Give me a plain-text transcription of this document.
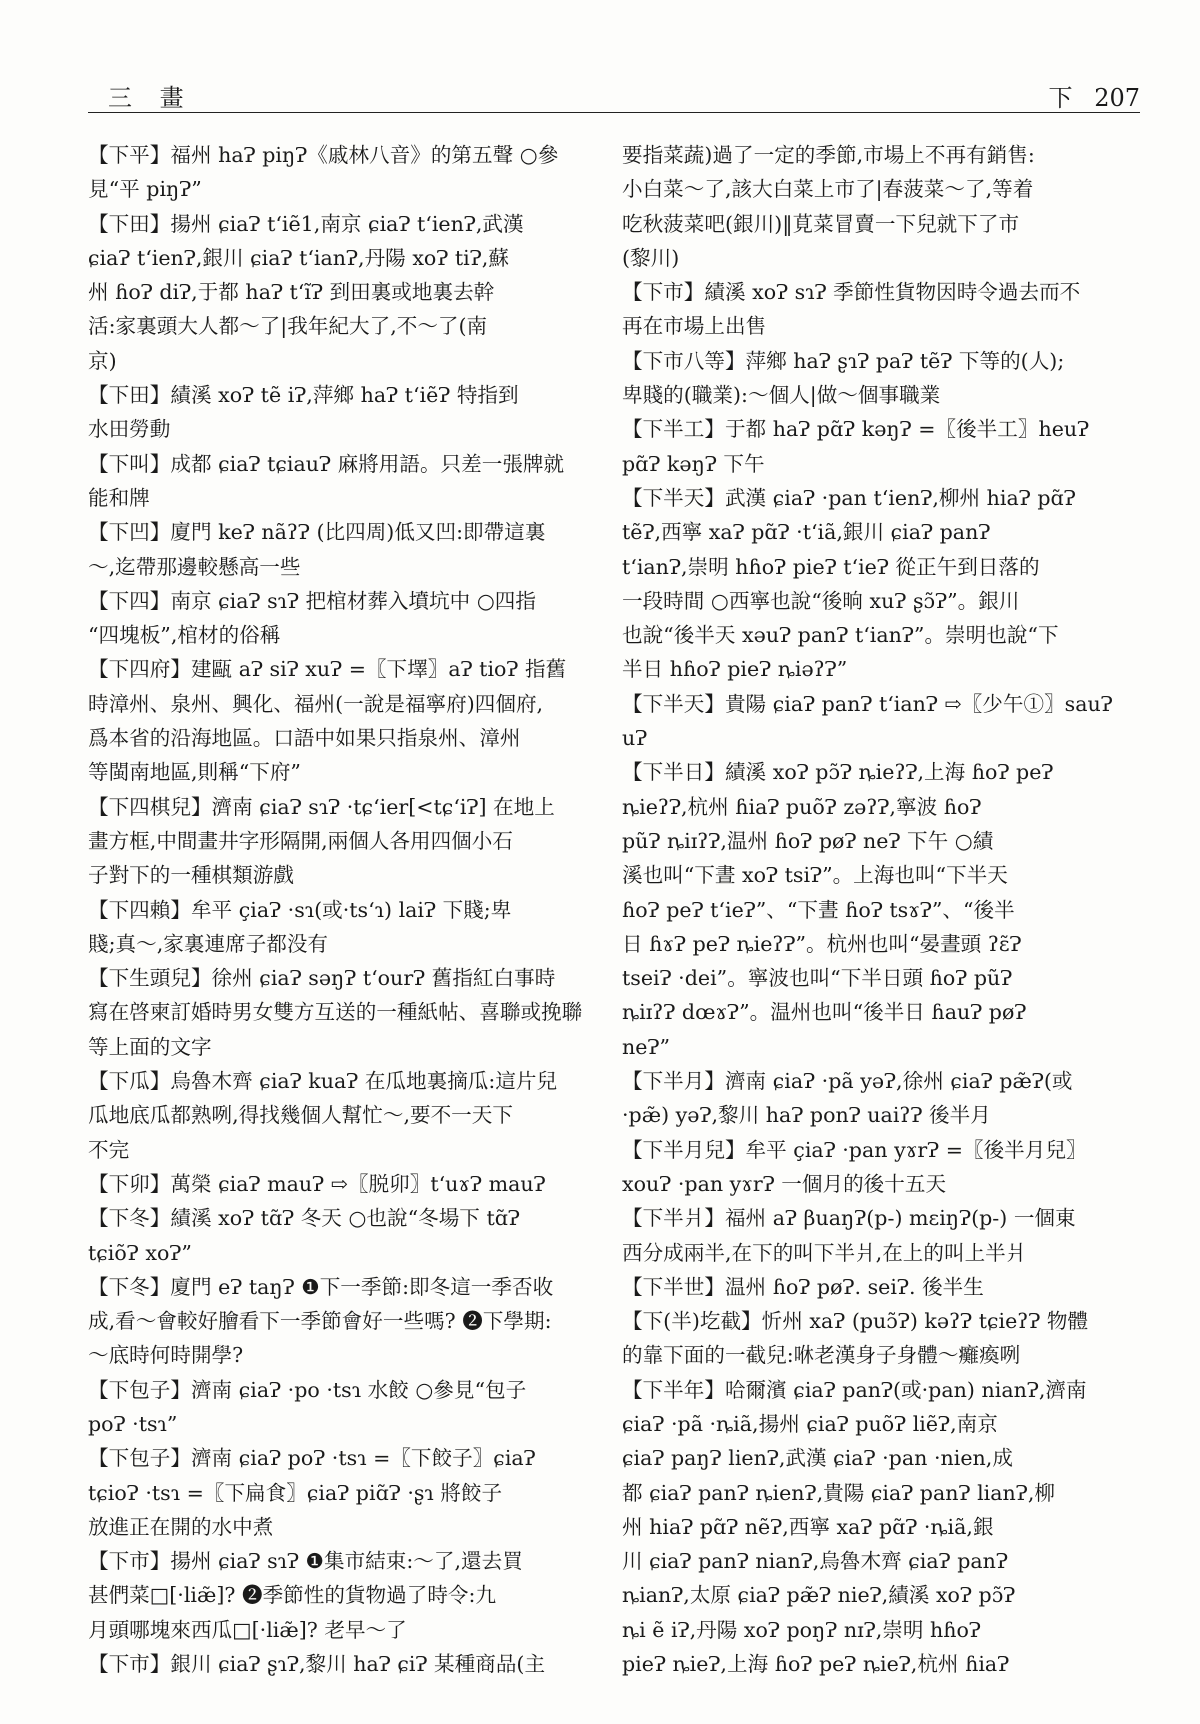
三 畫	下 207
【下平】福州 haɁ piŋɁ《戚林八音》的第五聲 ○參
見“平 piŋɁ”
【下田】揚州 ɕiaɁ tʻiẽ1,南京 ɕiaɁ tʻienɁ,武漢
ɕiaɁ tʻienɁ,銀川 ɕiaɁ tʻianɁ,丹陽 xoɁ tiɁ,蘇
州 ɦoɁ diɁ,于都 haɁ tʻĩɁ 到田裏或地裏去幹
活:家裏頭大人都～了|我年紀大了,不～了(南
京)
【下田】績溪 xoɁ tẽ iɁ,萍鄉 haɁ tʻiẽɁ 特指到
水田勞動
【下叫】成都 ɕiaɁ tɕiauɁ 麻將用語。只差一張牌就
能和牌
【下凹】廈門 keɁ nãʔɁ (比四周)低又凹:即帶這裏
～,迄帶那邊較懸高一些
【下四】南京 ɕiaɁ sɿɁ 把棺材葬入墳坑中 ○四指
“四塊板”,棺材的俗稱
【下四府】建甌 aɁ siɁ xuɁ =〖下墿〗aɁ tioɁ 指舊
時漳州、泉州、興化、福州(一說是福寧府)四個府,
爲本省的沿海地區。口語中如果只指泉州、漳州
等閩南地區,則稱“下府”
【下四棋兒】濟南 ɕiaɁ sɿɁ ·tɕʻier[<tɕʻiɁ] 在地上
畫方框,中間畫井字形隔開,兩個人各用四個小石
子對下的一種棋類游戲
【下四賴】牟平 çiaɁ ·sɿ(或·tsʻɿ) laiɁ 下賤;卑
賤;真～,家裏連席子都没有
【下生頭兒】徐州 ɕiaɁ səŋɁ tʻourɁ 舊指紅白事時
寫在啓柬訂婚時男女雙方互送的一種紙帖、喜聯或挽聯
等上面的文字
【下瓜】烏魯木齊 ɕiaɁ kuaɁ 在瓜地裏摘瓜:這片兒
瓜地底瓜都熟咧,得找幾個人幫忙～,要不一天下
不完
【下卯】萬榮 ɕiaɁ mauɁ ⇨〖脱卯〗tʻuɤɁ mauɁ
【下冬】績溪 xoɁ tɑ̃Ɂ 冬天 ○也說“冬場下 tɑ̃Ɂ
tɕiõɁ xoɁ”
【下冬】廈門 eɁ taŋɁ ❶下一季節:即冬這一季否收
成,看～會較好膾看下一季節會好一些嗎? ❷下學期:
～底時何時開學?
【下包子】濟南 ɕiaɁ ·po ·tsɿ 水餃 ○參見“包子
poɁ ·tsɿ”
【下包子】濟南 ɕiaɁ poɁ ·tsɿ =〖下餃子〗ɕiaɁ
tɕioɁ ·tsɿ =〖下扁食〗ɕiaɁ piɑ̃Ɂ ·ʂɿ 將餃子
放進正在開的水中煮
【下市】揚州 ɕiaɁ sɿɁ ❶集市結束:～了,還去買
甚們菜□[·liæ̃]? ❷季節性的貨物過了時令:九
月頭哪塊來西瓜□[·liæ̃]? 老早～了
【下市】銀川 ɕiaɁ ʂɿɁ,黎川 haɁ ɕiɁ 某種商品(主
要指菜蔬)過了一定的季節,市場上不再有銷售:
小白菜～了,該大白菜上市了|春菠菜～了,等着
吃秋菠菜吧(銀川)‖莧菜冒賣一下兒就下了市
(黎川)
【下市】績溪 xoɁ sɿɁ 季節性貨物因時令過去而不
再在市場上出售
【下市八等】萍鄉 haɁ ʂɿɁ paɁ tẽɁ 下等的(人);
卑賤的(職業):～個人|做～個事職業
【下半工】于都 haɁ pɑ̃Ɂ kəŋɁ =〖後半工〗heuɁ
pɑ̃Ɂ kəŋɁ 下午
【下半天】武漢 ɕiaɁ ·pan tʻienɁ,柳州 hiaɁ pɑ̃Ɂ
tẽɁ,西寧 xaɁ pɑ̃Ɂ ·tʻiã,銀川 ɕiaɁ panɁ
tʻianɁ,崇明 hɦoɁ pieɁ tʻieɁ 從正午到日落的
一段時間 ○西寧也說“後晌 xuɁ ʂɔ̃Ɂ”。銀川
也說“後半天 xəuɁ panɁ tʻianɁ”。崇明也說“下
半日 hɦoɁ pieɁ ȵiəʔɁ”
【下半天】貴陽 ɕiaɁ panɁ tʻianɁ ⇨〖少午①〗sauɁ
uɁ
【下半日】績溪 xoɁ pɔ̃Ɂ ȵieʔɁ,上海 ɦoɁ peɁ
ȵieʔɁ,杭州 ɦiaɁ puõɁ zəʔɁ,寧波 ɦoɁ
pũɁ ȵiɪʔɁ,温州 ɦoɁ pøɁ neɁ 下午 ○績
溪也叫“下晝 xoɁ tsiɁ”。上海也叫“下半天
ɦoɁ peɁ tʻieɁ”、“下晝 ɦoɁ tsɤɁ”、“後半
日 ɦɤɁ peɁ ȵieʔɁ”。杭州也叫“晏晝頭 ʔɛ̃Ɂ
tseiɁ ·dei”。寧波也叫“下半日頭 ɦoɁ pũɁ
ȵiɪʔɁ dœɤɁ”。温州也叫“後半日 ɦauɁ pøɁ
neɁ”
【下半月】濟南 ɕiaɁ ·pã yəɁ,徐州 ɕiaɁ pæ̃Ɂ(或
·pæ̃) yəɁ,黎川 haɁ ponɁ uaiʔɁ 後半月
【下半月兒】牟平 çiaɁ ·pan yɤrɁ =〖後半月兒〗
xouɁ ·pan yɤrɁ 一個月的後十五天
【下半爿】福州 aɁ βuaŋɁ(p-) mɛiŋɁ(p-) 一個東
西分成兩半,在下的叫下半爿,在上的叫上半爿
【下半世】温州 ɦoɁ pøɁ. seiɁ. 後半生
【下(半)圪截】忻州 xaɁ (puɔ̃Ɂ) kəʔɁ tɕieʔɁ 物體
的靠下面的一截兒:咻老漢身子身體～癱瘓咧
【下半年】哈爾濱 ɕiaɁ panɁ(或·pan) nianɁ,濟南
ɕiaɁ ·pã ·ȵiã,揚州 ɕiaɁ puõɁ liẽɁ,南京
ɕiaɁ paŋɁ lienɁ,武漢 ɕiaɁ ·pan ·nien,成
都 ɕiaɁ panɁ ȵienɁ,貴陽 ɕiaɁ panɁ lianɁ,柳
州 hiaɁ pɑ̃Ɂ nẽɁ,西寧 xaɁ pɑ̃Ɂ ·ȵiã,銀
川 ɕiaɁ panɁ nianɁ,烏魯木齊 ɕiaɁ panɁ
ȵianɁ,太原 ɕiaɁ pæ̃Ɂ nieɁ,績溪 xoɁ pɔ̃Ɂ
ȵi ẽ iɁ,丹陽 xoɁ poŋɁ nɪɁ,崇明 hɦoɁ
pieɁ ȵieɁ,上海 ɦoɁ peɁ ȵieɁ,杭州 ɦiaɁ
